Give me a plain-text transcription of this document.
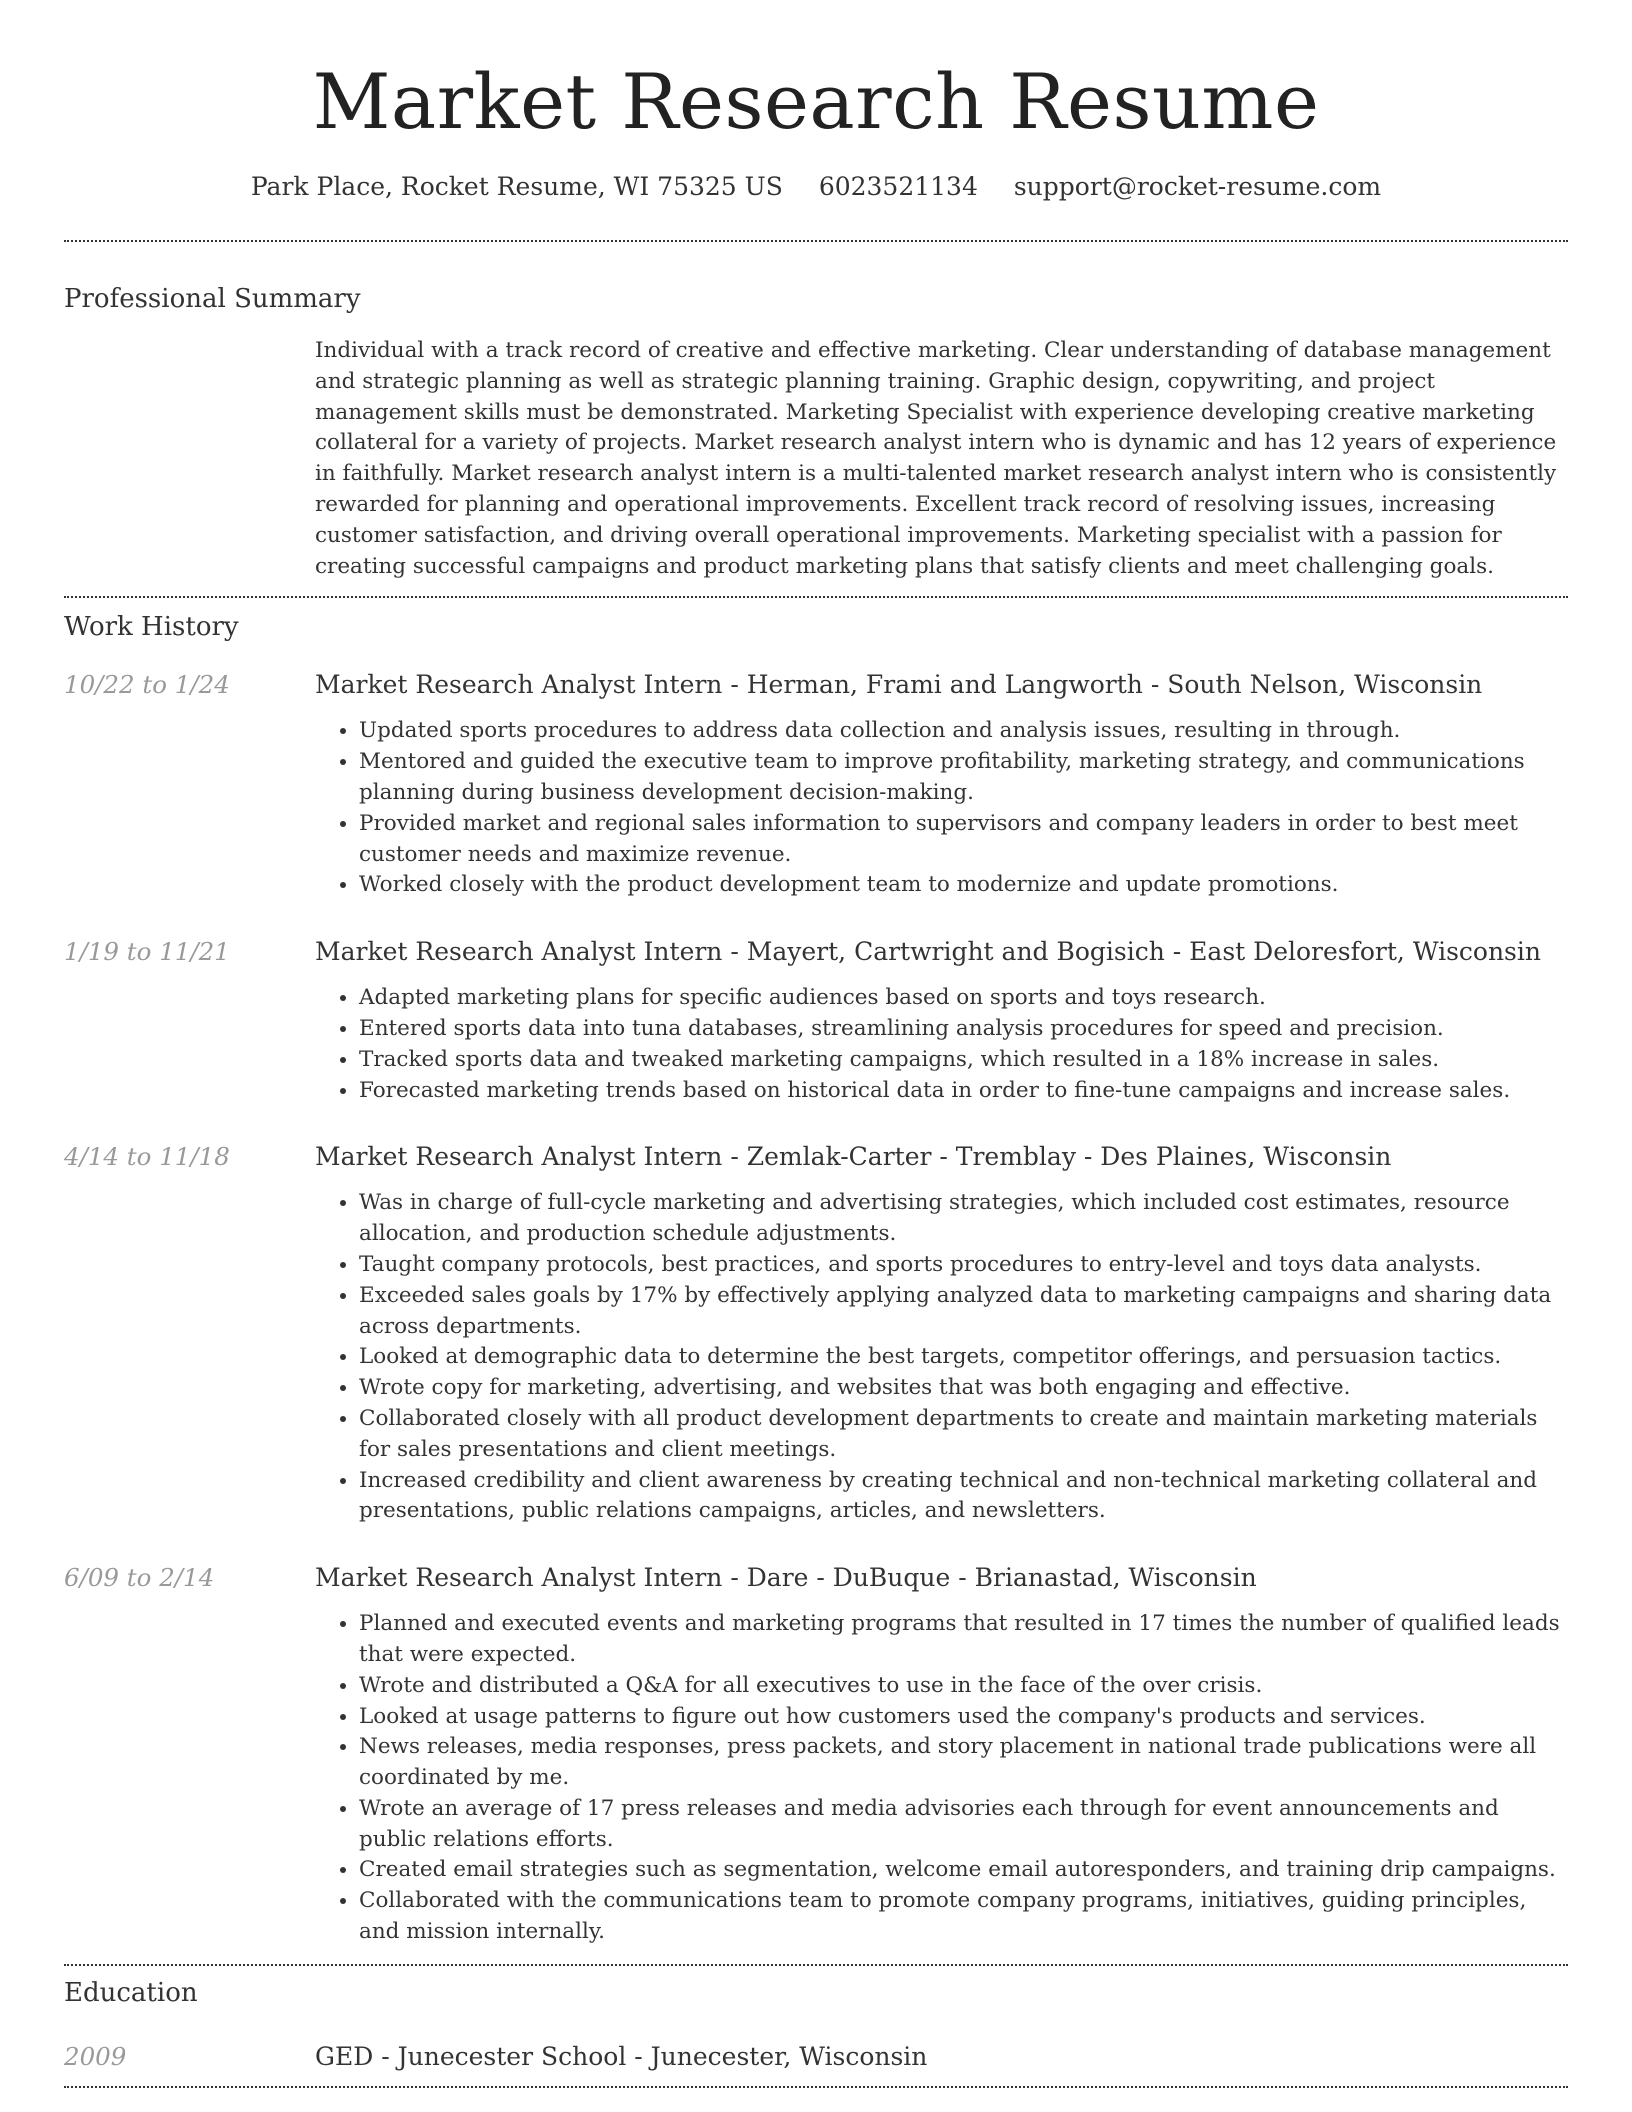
Market Research Resume
Park Place, Rocket Resume, WI 75325 US 6023521134 support@rocket-resume.com
Professional Summary
Individual with a track record of creative and effective marketing. Clear understanding of database management and strategic planning as well as strategic planning training. Graphic design, copywriting, and project management skills must be demonstrated. Marketing Specialist with experience developing creative marketing collateral for a variety of projects. Market research analyst intern who is dynamic and has 12 years of experience in faithfully. Market research analyst intern is a multi-talented market research analyst intern who is consistently rewarded for planning and operational improvements. Excellent track record of resolving issues, increasing customer satisfaction, and driving overall operational improvements. Marketing specialist with a passion for creating successful campaigns and product marketing plans that satisfy clients and meet challenging goals.
Work History
10/22 to 1/24	Market Research Analyst Intern - Herman, Frami and Langworth - South Nelson, Wisconsin
• Updated sports procedures to address data collection and analysis issues, resulting in through.
• Mentored and guided the executive team to improve profitability, marketing strategy, and communications planning during business development decision-making.
• Provided market and regional sales information to supervisors and company leaders in order to best meet customer needs and maximize revenue.
• Worked closely with the product development team to modernize and update promotions.
1/19 to 11/21	Market Research Analyst Intern - Mayert, Cartwright and Bogisich - East Deloresfort, Wisconsin
• Adapted marketing plans for specific audiences based on sports and toys research.
• Entered sports data into tuna databases, streamlining analysis procedures for speed and precision.
• Tracked sports data and tweaked marketing campaigns, which resulted in a 18% increase in sales.
• Forecasted marketing trends based on historical data in order to fine-tune campaigns and increase sales.
4/14 to 11/18	Market Research Analyst Intern - Zemlak-Carter - Tremblay - Des Plaines, Wisconsin
• Was in charge of full-cycle marketing and advertising strategies, which included cost estimates, resource allocation, and production schedule adjustments.
• Taught company protocols, best practices, and sports procedures to entry-level and toys data analysts.
• Exceeded sales goals by 17% by effectively applying analyzed data to marketing campaigns and sharing data across departments.
• Looked at demographic data to determine the best targets, competitor offerings, and persuasion tactics.
• Wrote copy for marketing, advertising, and websites that was both engaging and effective.
• Collaborated closely with all product development departments to create and maintain marketing materials for sales presentations and client meetings.
• Increased credibility and client awareness by creating technical and non-technical marketing collateral and presentations, public relations campaigns, articles, and newsletters.
6/09 to 2/14	Market Research Analyst Intern - Dare - DuBuque - Brianastad, Wisconsin
• Planned and executed events and marketing programs that resulted in 17 times the number of qualified leads that were expected.
• Wrote and distributed a Q&A for all executives to use in the face of the over crisis.
• Looked at usage patterns to figure out how customers used the company's products and services.
• News releases, media responses, press packets, and story placement in national trade publications were all coordinated by me.
• Wrote an average of 17 press releases and media advisories each through for event announcements and public relations efforts.
• Created email strategies such as segmentation, welcome email autoresponders, and training drip campaigns.
• Collaborated with the communications team to promote company programs, initiatives, guiding principles, and mission internally.
Education
2009	GED - Junecester School - Junecester, Wisconsin
